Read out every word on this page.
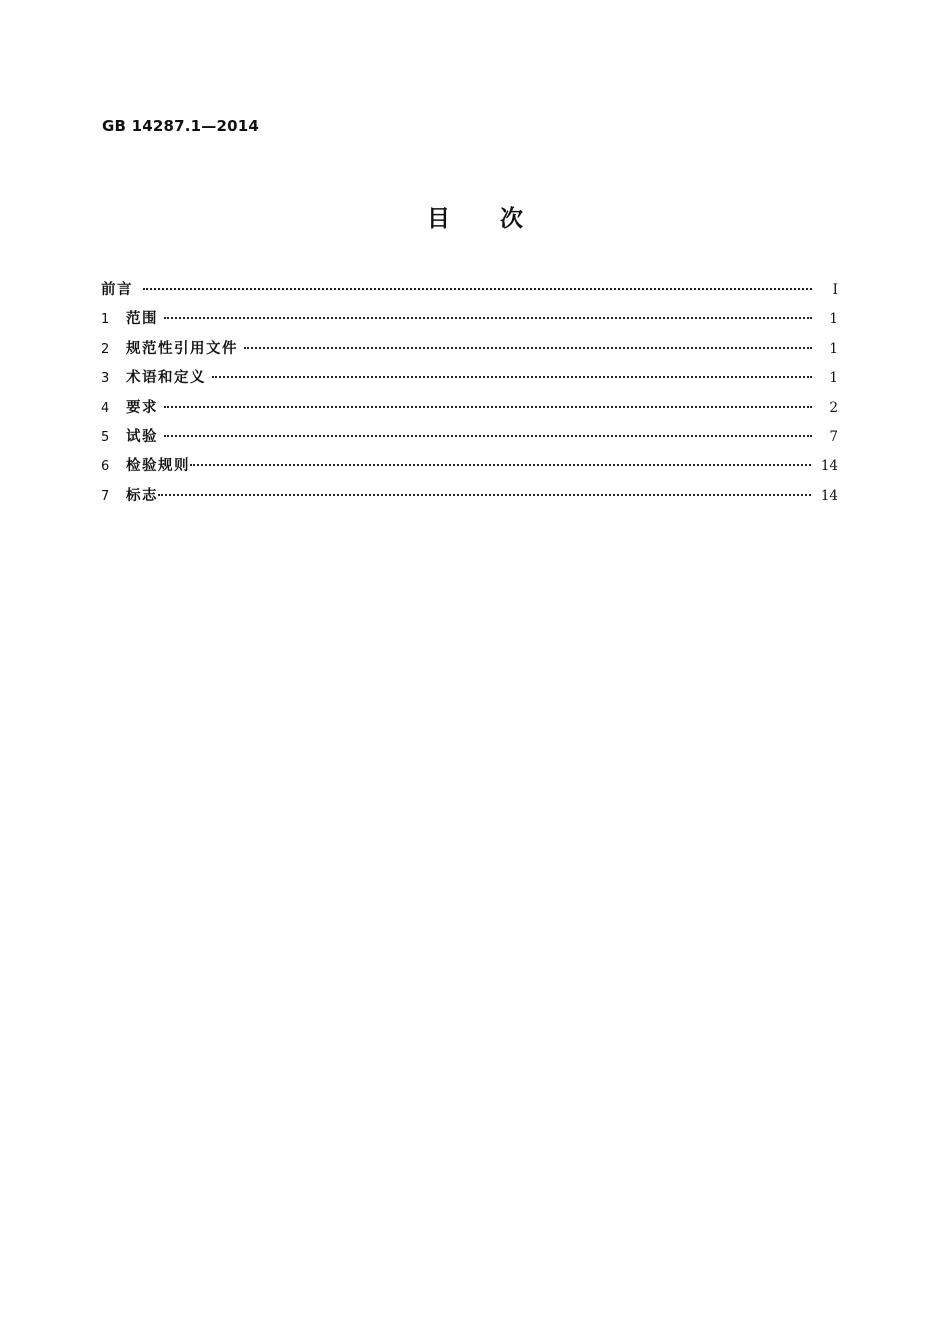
GB 14287.1—2014
目 次
前言	Ⅰ
1	范围	1
2	规范性引用文件	1
3	术语和定义	1
4	要求	2
5	试验	7
6	检验规则	14
7	标志	14
